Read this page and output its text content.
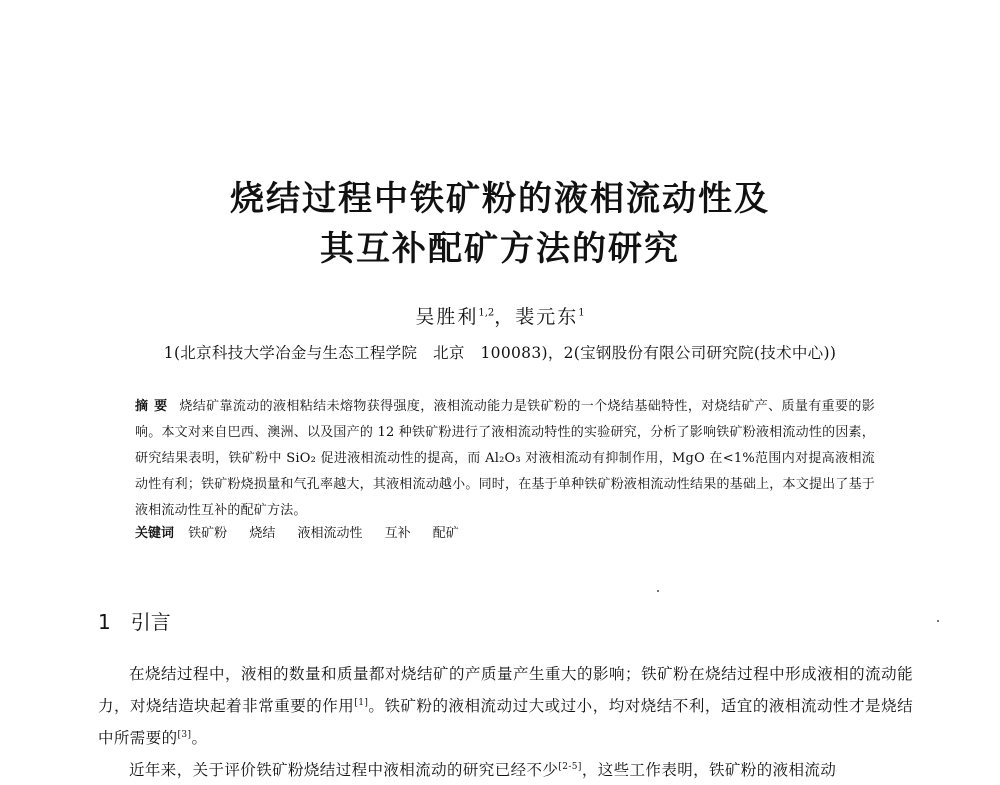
烧结过程中铁矿粉的液相流动性及
其互补配矿方法的研究
吴胜利$^{1,2}$，裴元东$^1$
1(北京科技大学冶金与生态工程学院　北京　100083)，2(宝钢股份有限公司研究院(技术中心))
摘要 烧结矿靠流动的液相粘结未熔物获得强度，液相流动能力是铁矿粉的一个烧结基础特性，对烧结矿产、质量有重要的影响。本文对来自巴西、澳洲、以及国产的 12 种铁矿粉进行了液相流动特性的实验研究，分析了影响铁矿粉液相流动性的因素，研究结果表明，铁矿粉中 SiO₂ 促进液相流动性的提高，而 Al₂O₃ 对液相流动有抑制作用，MgO 在<1%范围内对提高液相流动性有利；铁矿粉烧损量和气孔率越大，其液相流动越小。同时，在基于单种铁矿粉液相流动性结果的基础上，本文提出了基于液相流动性互补的配矿方法。
关键词 铁矿粉 烧结 液相流动性 互补 配矿
1 引言

在烧结过程中，液相的数量和质量都对烧结矿的产质量产生重大的影响；铁矿粉在烧结过程中形成液相的流动能力，对烧结造块起着非常重要的作用[1]。铁矿粉的液相流动过大或过小，均对烧结不利，适宜的液相流动性才是烧结中所需要的[3]。

近年来，关于评价铁矿粉烧结过程中液相流动的研究已经不少[2-5]，这些工作表明，铁矿粉的液相流动
